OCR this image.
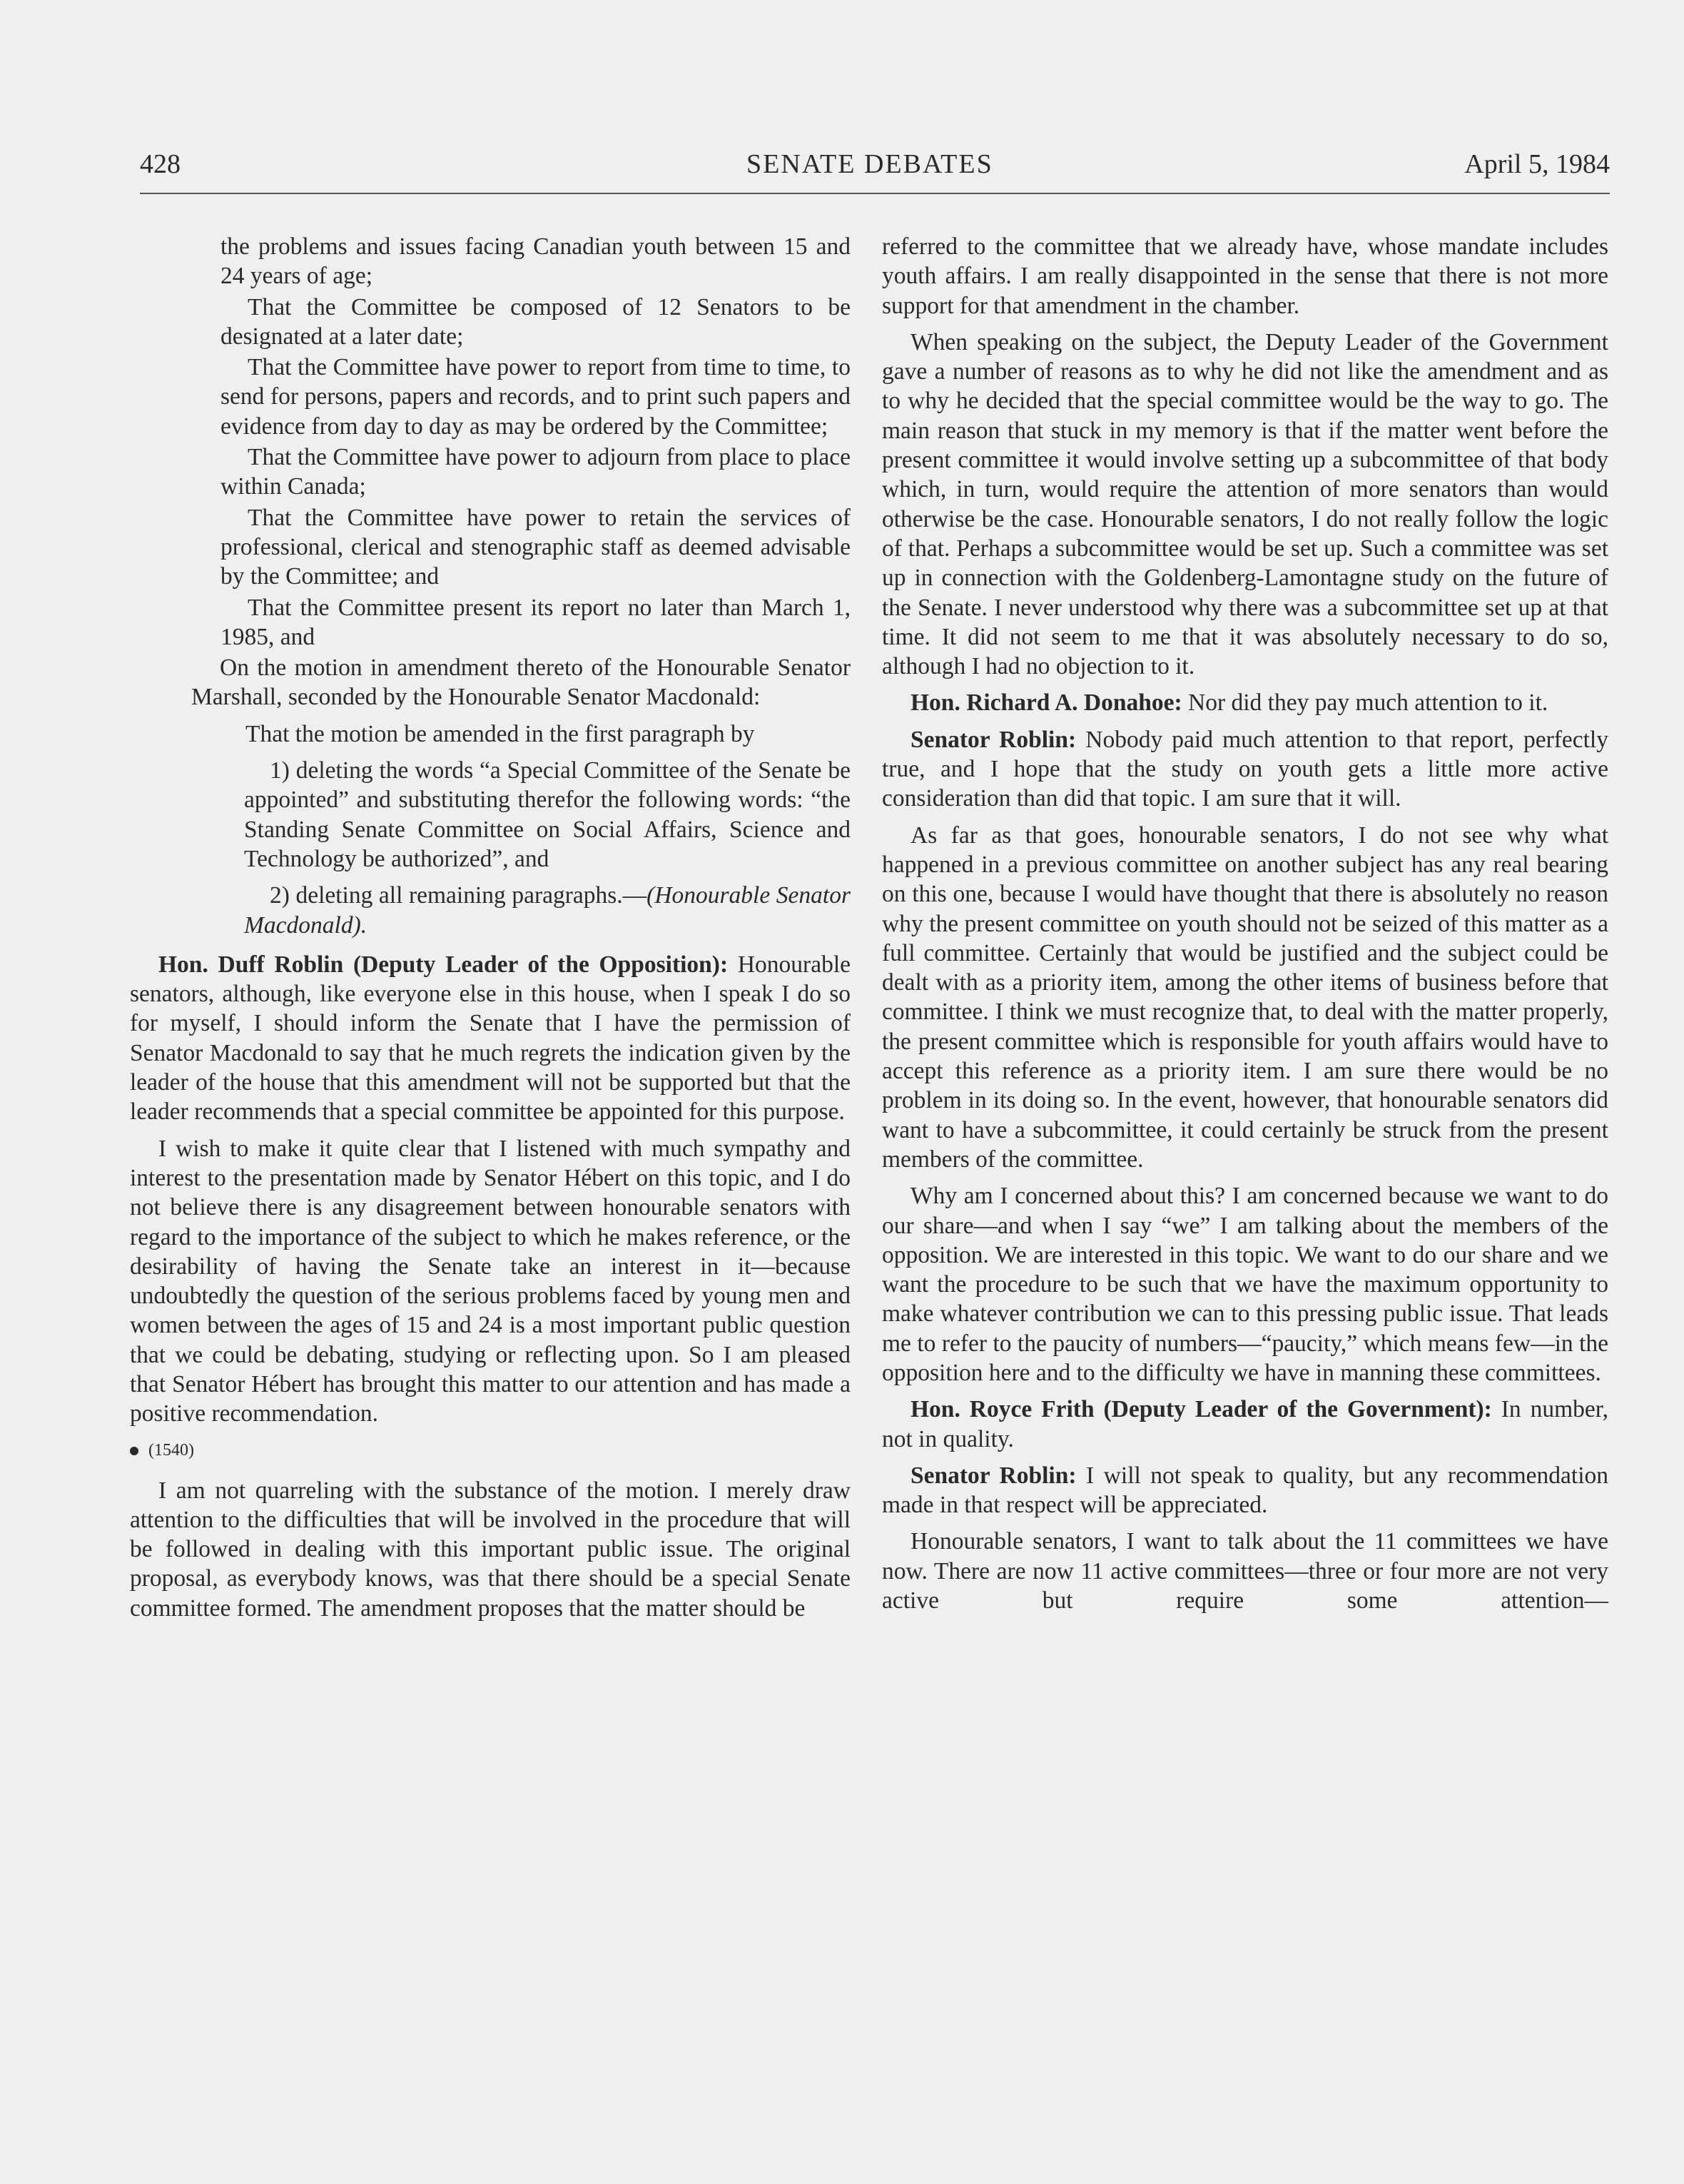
428	SENATE DEBATES	April 5, 1984

the problems and issues facing Canadian youth between 15 and 24 years of age;

That the Committee be composed of 12 Senators to be designated at a later date;

That the Committee have power to report from time to time, to send for persons, papers and records, and to print such papers and evidence from day to day as may be ordered by the Committee;

That the Committee have power to adjourn from place to place within Canada;

That the Committee have power to retain the services of professional, clerical and stenographic staff as deemed advisable by the Committee; and

That the Committee present its report no later than March 1, 1985, and

On the motion in amendment thereto of the Honourable Senator Marshall, seconded by the Honourable Senator Macdonald:

That the motion be amended in the first paragraph by

1) deleting the words “a Special Committee of the Senate be appointed” and substituting therefor the following words: “the Standing Senate Committee on Social Affairs, Science and Technology be authorized”, and

2) deleting all remaining paragraphs.—(Honourable Senator Macdonald).

Hon. Duff Roblin (Deputy Leader of the Opposition): Honourable senators, although, like everyone else in this house, when I speak I do so for myself, I should inform the Senate that I have the permission of Senator Macdonald to say that he much regrets the indication given by the leader of the house that this amendment will not be supported but that the leader recommends that a special committee be appointed for this purpose.

I wish to make it quite clear that I listened with much sympathy and interest to the presentation made by Senator Hébert on this topic, and I do not believe there is any disagreement between honourable senators with regard to the importance of the subject to which he makes reference, or the desirability of having the Senate take an interest in it—because undoubtedly the question of the serious problems faced by young men and women between the ages of 15 and 24 is a most important public question that we could be debating, studying or reflecting upon. So I am pleased that Senator Hébert has brought this matter to our attention and has made a positive recommendation.

(1540)

I am not quarreling with the substance of the motion. I merely draw attention to the difficulties that will be involved in the procedure that will be followed in dealing with this important public issue. The original proposal, as everybody knows, was that there should be a special Senate committee formed. The amendment proposes that the matter should be

referred to the committee that we already have, whose mandate includes youth affairs. I am really disappointed in the sense that there is not more support for that amendment in the chamber.

When speaking on the subject, the Deputy Leader of the Government gave a number of reasons as to why he did not like the amendment and as to why he decided that the special committee would be the way to go. The main reason that stuck in my memory is that if the matter went before the present committee it would involve setting up a subcommittee of that body which, in turn, would require the attention of more senators than would otherwise be the case. Honourable senators, I do not really follow the logic of that. Perhaps a subcommittee would be set up. Such a committee was set up in connection with the Goldenberg-Lamontagne study on the future of the Senate. I never understood why there was a subcommittee set up at that time. It did not seem to me that it was absolutely necessary to do so, although I had no objection to it.

Hon. Richard A. Donahoe: Nor did they pay much attention to it.

Senator Roblin: Nobody paid much attention to that report, perfectly true, and I hope that the study on youth gets a little more active consideration than did that topic. I am sure that it will.

As far as that goes, honourable senators, I do not see why what happened in a previous committee on another subject has any real bearing on this one, because I would have thought that there is absolutely no reason why the present committee on youth should not be seized of this matter as a full committee. Certainly that would be justified and the subject could be dealt with as a priority item, among the other items of business before that committee. I think we must recognize that, to deal with the matter properly, the present committee which is responsible for youth affairs would have to accept this reference as a priority item. I am sure there would be no problem in its doing so. In the event, however, that honourable senators did want to have a subcommittee, it could certainly be struck from the present members of the committee.

Why am I concerned about this? I am concerned because we want to do our share—and when I say “we” I am talking about the members of the opposition. We are interested in this topic. We want to do our share and we want the procedure to be such that we have the maximum opportunity to make whatever contribution we can to this pressing public issue. That leads me to refer to the paucity of numbers—“paucity,” which means few—in the opposition here and to the difficulty we have in manning these committees.

Hon. Royce Frith (Deputy Leader of the Government): In number, not in quality.

Senator Roblin: I will not speak to quality, but any recommendation made in that respect will be appreciated.

Honourable senators, I want to talk about the 11 committees we have now. There are now 11 active committees—three or four more are not very active but require some attention—
